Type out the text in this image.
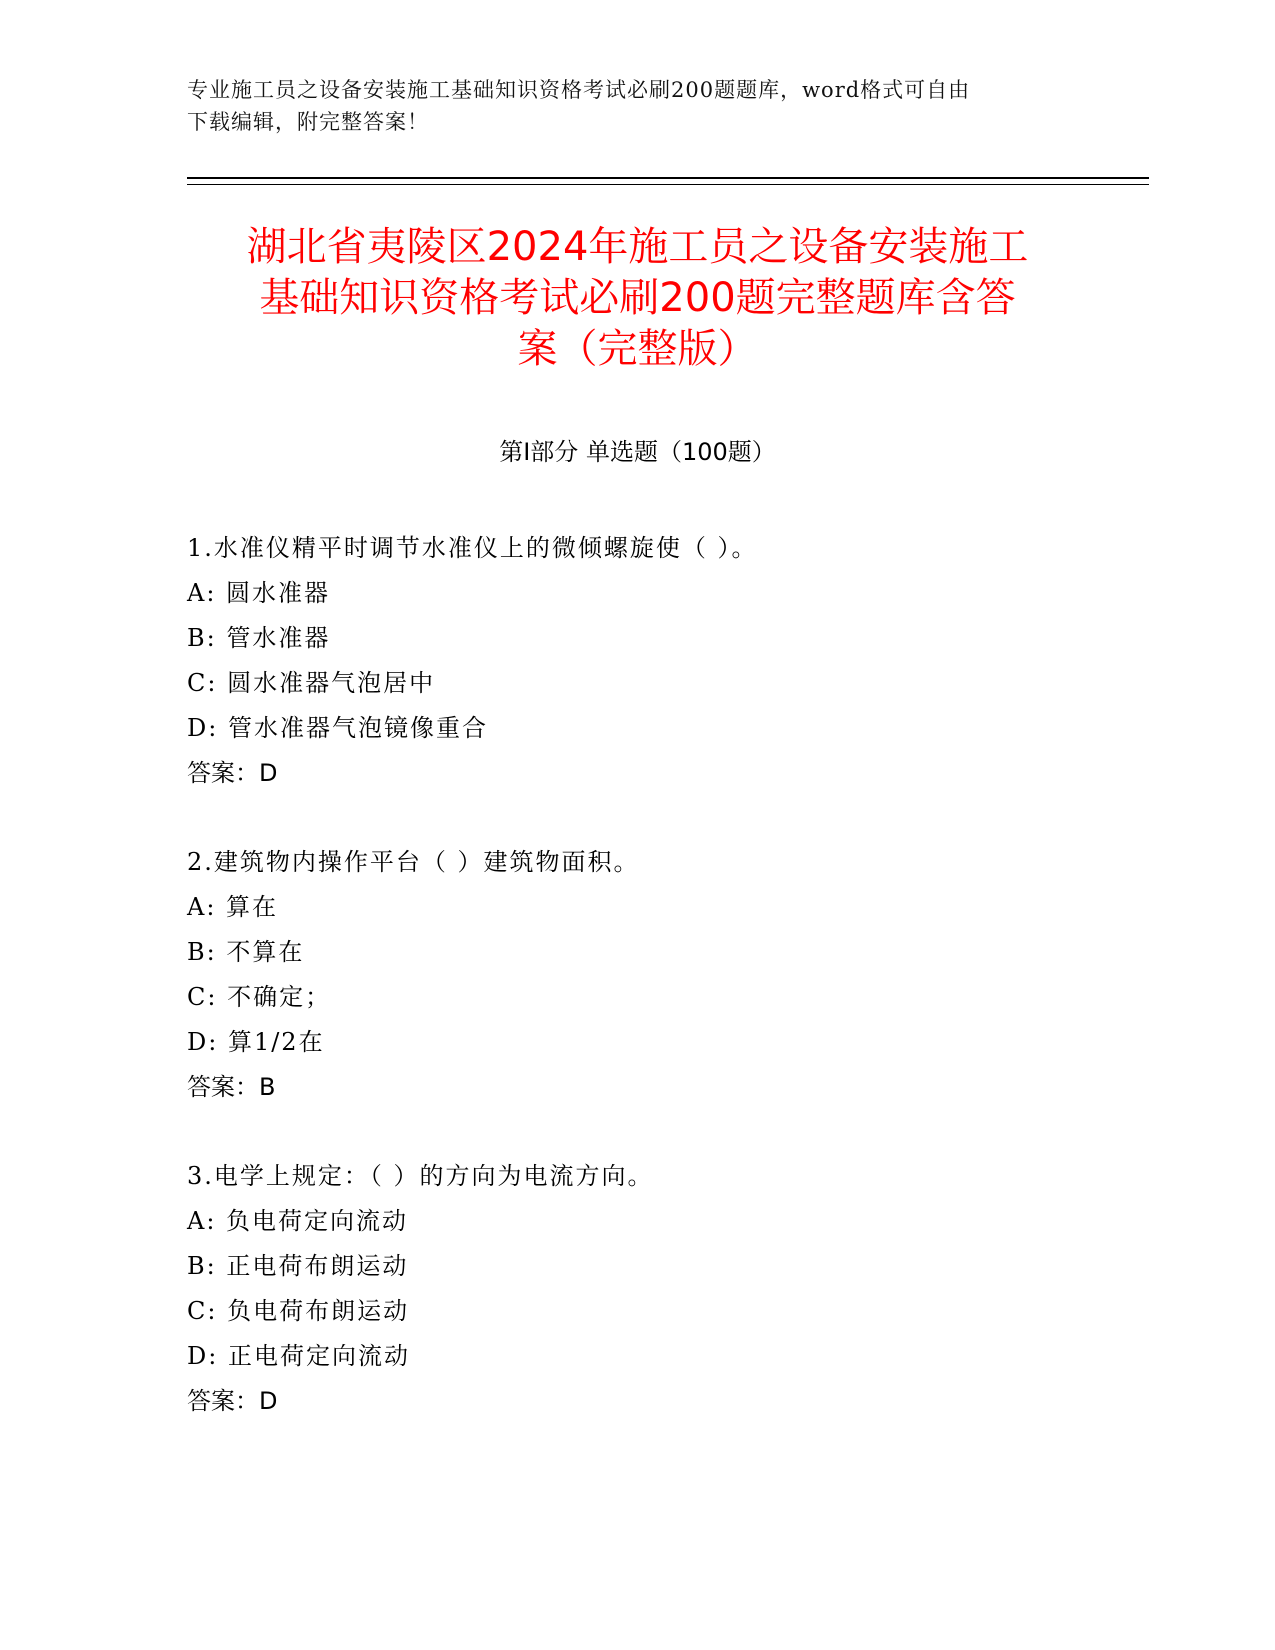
专业施工员之设备安装施工基础知识资格考试必刷200题题库，word格式可自由
下载编辑，附完整答案！
湖北省夷陵区2024年施工员之设备安装施工
基础知识资格考试必刷200题完整题库含答
案（完整版）
第I部分 单选题（100题）

1.水准仪精平时调节水准仪上的微倾螺旋使（ ）。

A: 圆水准器

B: 管水准器

C: 圆水准器气泡居中

D: 管水准器气泡镜像重合

答案：D

2.建筑物内操作平台（ ）建筑物面积。

A: 算在

B: 不算在

C: 不确定；

D: 算1/2在

答案：B

3.电学上规定：（ ）的方向为电流方向。

A: 负电荷定向流动

B: 正电荷布朗运动

C: 负电荷布朗运动

D: 正电荷定向流动

答案：D
